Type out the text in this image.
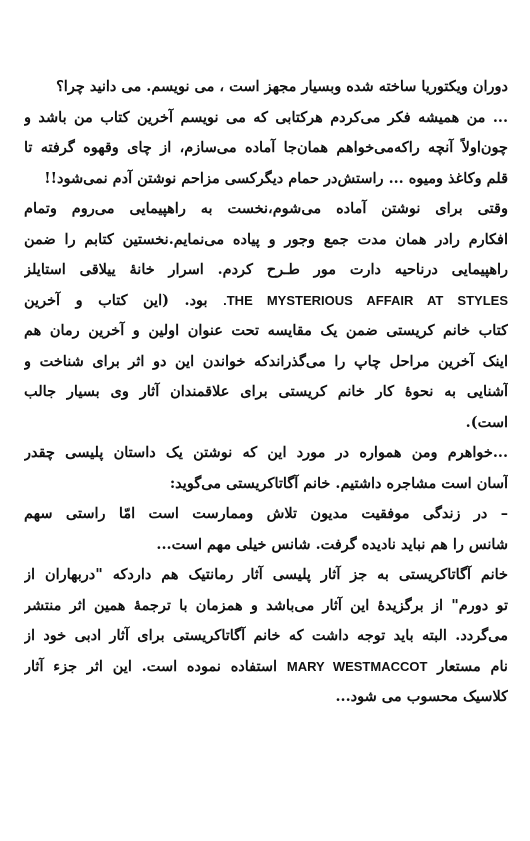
دوران ویکتوریا ساخته شده وبسیار مجهز است ، می نویسم. می دانید چرا؟
... من همیشه فکر می‌کردم هرکتابی که می نویسم آخرین کتاب من باشد و
چون‌اولاً آنچه راکه‌می‌خواهم همان‌جا آماده می‌سازم، از چای وقهوه گرفته تا
قلم وکاغذ ومیوه ... راستش‌در حمام دیگرکسی مزاحم نوشتن آدم نمی‌شود!!
وقتی برای نوشتن آماده می‌شوم،نخست به راهپیمایی می‌روم وتمام
افکارم رادر همان مدت جمع وجور و پیاده می‌نمایم.نخستین کتابم را ضمن
راهپیمایی درناحیه دارت مور طـرح کردم. اسرار خانهٔ ییلاقی استایلز
THE MYSTERIOUS AFFAIR AT STYLES. بود. (این کتاب و آخرین
کتاب خانم کریستی ضمن یک مقایسه تحت عنوان اولین و آخرین رمان هم
اینک آخرین مراحل چاپ را می‌گذراندکه خواندن این دو اثر برای شناخت و
آشنایی به نحوهٔ کار خانم کریستی برای علاقمندان آثار وی بسیار جالب
است).
...خواهرم ومن همواره در مورد این که نوشتن یک داستان پلیسی چقدر
آسان است مشاجره داشتیم. خانم آگاتاکریستی می‌گوید:
– در زندگی موفقیت مدیون تلاش وممارست است امّا راستی سهم
شانس را هم نباید نادیده گرفت. شانس خیلی مهم است...
خانم آگاتاکریستی به جز آثار پلیسی آثار رمانتیک هم داردکه "دربهاران از
تو دورم" از برگزیدهٔ این آثار می‌باشد و همزمان با ترجمهٔ همین اثر منتشر
می‌گردد. البته باید توجه داشت که خانم آگاتاکریستی برای آثار ادبی خود از
نام مستعار MARY WESTMACCOT استفاده نموده است. این اثر جزء آثار
کلاسیک محسوب می شود...
